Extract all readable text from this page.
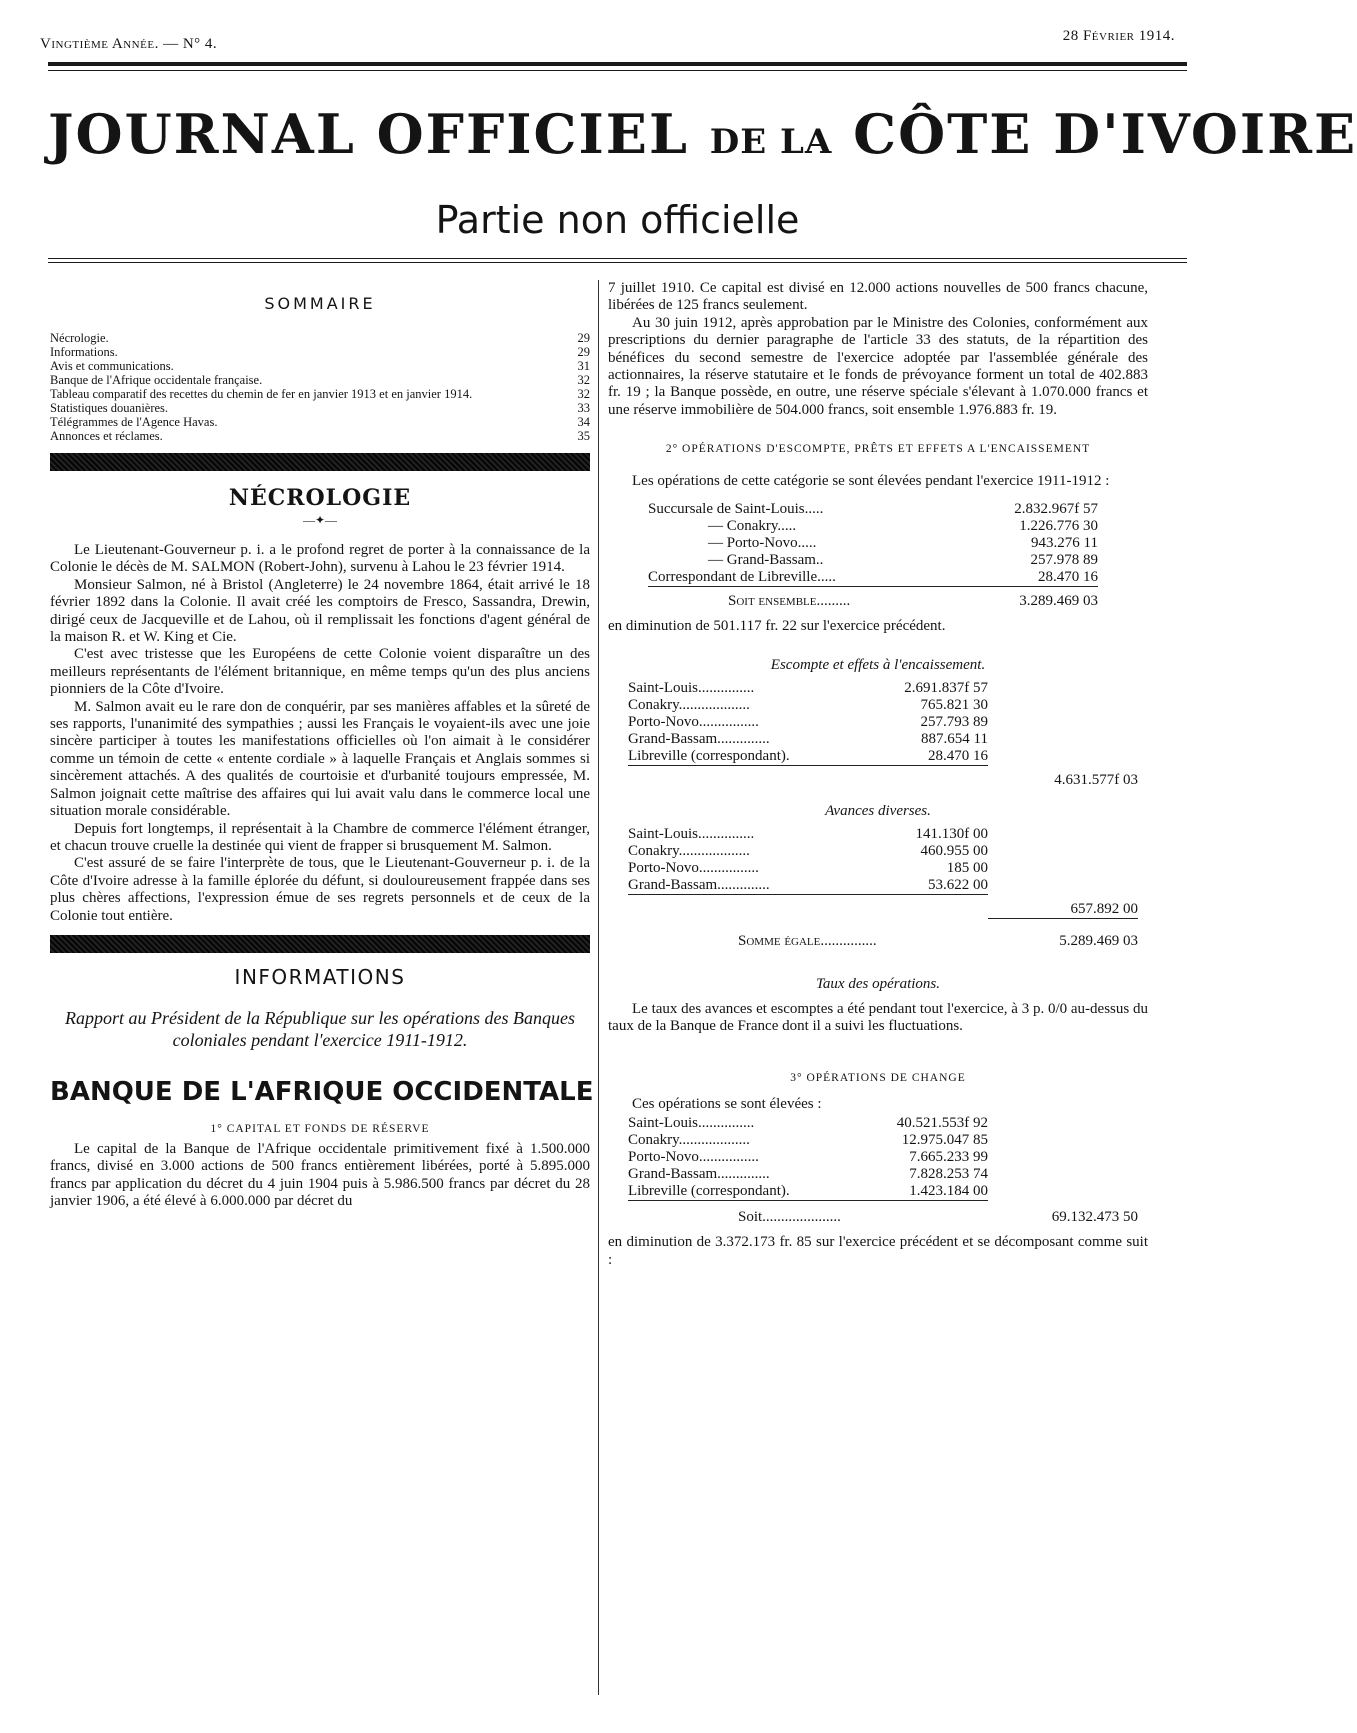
Vingtième Année. — N° 4.	28 Février 1914.
JOURNAL OFFICIEL DE LA CÔTE D'IVOIRE
Partie non officielle
SOMMAIRE
Nécrologie.	29
Informations.	29
Avis et communications.	31
Banque de l'Afrique occidentale française.	32
Tableau comparatif des recettes du chemin de fer en janvier 1913 et en janvier 1914.	32
Statistiques douanières.	33
Télégrammes de l'Agence Havas.	34
Annonces et réclames.	35
NÉCROLOGIE
—✦—

Le Lieutenant-Gouverneur p. i. a le profond regret de porter à la connaissance de la Colonie le décès de M. SALMON (Robert-John), survenu à Lahou le 23 février 1914.

Monsieur Salmon, né à Bristol (Angleterre) le 24 novembre 1864, était arrivé le 18 février 1892 dans la Colonie. Il avait créé les comptoirs de Fresco, Sassandra, Drewin, dirigé ceux de Jacqueville et de Lahou, où il remplissait les fonctions d'agent général de la maison R. et W. King et Cie.

C'est avec tristesse que les Européens de cette Colonie voient disparaître un des meilleurs représentants de l'élément britannique, en même temps qu'un des plus anciens pionniers de la Côte d'Ivoire.

M. Salmon avait eu le rare don de conquérir, par ses manières affables et la sûreté de ses rapports, l'unanimité des sympathies ; aussi les Français le voyaient-ils avec une joie sincère participer à toutes les manifestations officielles où l'on aimait à le considérer comme un témoin de cette « entente cordiale » à laquelle Français et Anglais sommes si sincèrement attachés. A des qualités de courtoisie et d'urbanité toujours empressée, M. Salmon joignait cette maîtrise des affaires qui lui avait valu dans le commerce local une situation morale considérable.

Depuis fort longtemps, il représentait à la Chambre de commerce l'élément étranger, et chacun trouve cruelle la destinée qui vient de frapper si brusquement M. Salmon.

C'est assuré de se faire l'interprète de tous, que le Lieutenant-Gouverneur p. i. de la Côte d'Ivoire adresse à la famille éplorée du défunt, si douloureusement frappée dans ses plus chères affections, l'expression émue de ses regrets personnels et de ceux de la Colonie tout entière.

INFORMATIONS
Rapport au Président de la République sur les opérations des Banques coloniales pendant l'exercice 1911-1912.
BANQUE DE L'AFRIQUE OCCIDENTALE
1° CAPITAL ET FONDS DE RÉSERVE

Le capital de la Banque de l'Afrique occidentale primitivement fixé à 1.500.000 francs, divisé en 3.000 actions de 500 francs entièrement libérées, porté à 5.895.000 francs par application du décret du 4 juin 1904 puis à 5.986.500 francs par décret du 28 janvier 1906, a été élevé à 6.000.000 par décret du

7 juillet 1910. Ce capital est divisé en 12.000 actions nouvelles de 500 francs chacune, libérées de 125 francs seulement.

Au 30 juin 1912, après approbation par le Ministre des Colonies, conformément aux prescriptions du dernier paragraphe de l'article 33 des statuts, de la répartition des bénéfices du second semestre de l'exercice adoptée par l'assemblée générale des actionnaires, la réserve statutaire et le fonds de prévoyance forment un total de 402.883 fr. 19 ; la Banque possède, en outre, une réserve spéciale s'élevant à 1.070.000 francs et une réserve immobilière de 504.000 francs, soit ensemble 1.976.883 fr. 19.

2° OPÉRATIONS D'ESCOMPTE, PRÊTS ET EFFETS A L'ENCAISSEMENT

Les opérations de cette catégorie se sont élevées pendant l'exercice 1911-1912 :

Succursale de Saint-Louis.....	2.832.967f 57
— Conakry.....	1.226.776 30
— Porto-Novo.....	943.276 11
— Grand-Bassam..	257.978 89
Correspondant de Libreville.....	28.470 16
Soit ensemble.........	3.289.469 03

en diminution de 501.117 fr. 22 sur l'exercice précédent.

Escompte et effets à l'encaissement.
Saint-Louis...............	2.691.837f 57
Conakry...................	765.821 30
Porto-Novo................	257.793 89
Grand-Bassam..............	887.654 11
Libreville (correspondant).	28.470 16
4.631.577f 03
Avances diverses.
Saint-Louis...............	141.130f 00
Conakry...................	460.955 00
Porto-Novo................	185 00
Grand-Bassam..............	53.622 00
657.892 00
Somme égale...............	5.289.469 03
Taux des opérations.

Le taux des avances et escomptes a été pendant tout l'exercice, à 3 p. 0/0 au-dessus du taux de la Banque de France dont il a suivi les fluctuations.

3° OPÉRATIONS DE CHANGE

Ces opérations se sont élevées :

Saint-Louis...............	40.521.553f 92
Conakry...................	12.975.047 85
Porto-Novo................	7.665.233 99
Grand-Bassam..............	7.828.253 74
Libreville (correspondant).	1.423.184 00
Soit.....................	69.132.473 50

en diminution de 3.372.173 fr. 85 sur l'exercice précédent et se décomposant comme suit :
